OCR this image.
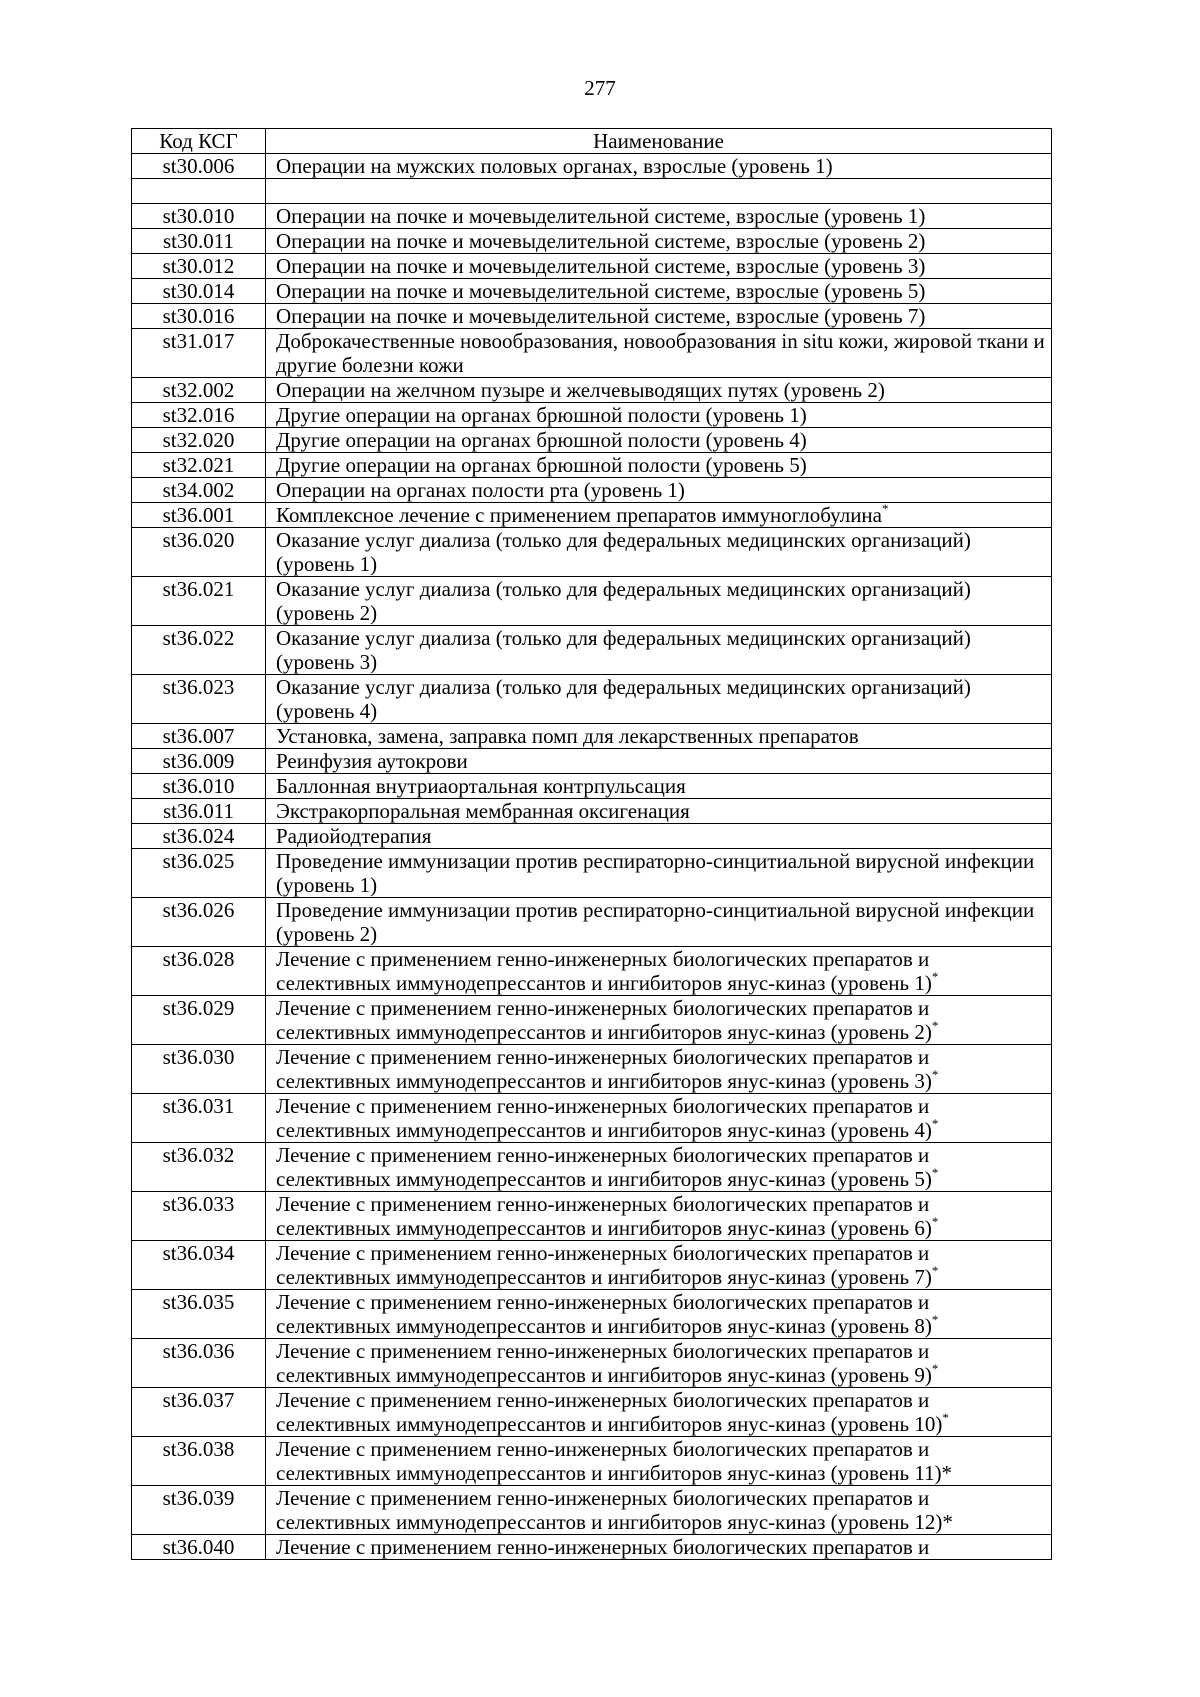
277
Код КСГ	Наименование
st30.006	Операции на мужских половых органах, взрослые (уровень 1)

st30.010	Операции на почке и мочевыделительной системе, взрослые (уровень 1)
st30.011	Операции на почке и мочевыделительной системе, взрослые (уровень 2)
st30.012	Операции на почке и мочевыделительной системе, взрослые (уровень 3)
st30.014	Операции на почке и мочевыделительной системе, взрослые (уровень 5)
st30.016	Операции на почке и мочевыделительной системе, взрослые (уровень 7)
st31.017	Доброкачественные новообразования, новообразования in situ кожи, жировой ткани и другие болезни кожи
st32.002	Операции на желчном пузыре и желчевыводящих путях (уровень 2)
st32.016	Другие операции на органах брюшной полости (уровень 1)
st32.020	Другие операции на органах брюшной полости (уровень 4)
st32.021	Другие операции на органах брюшной полости (уровень 5)
st34.002	Операции на органах полости рта (уровень 1)
st36.001	Комплексное лечение с применением препаратов иммуноглобулина*
st36.020	Оказание услуг диализа (только для федеральных медицинских организаций) (уровень 1)
st36.021	Оказание услуг диализа (только для федеральных медицинских организаций) (уровень 2)
st36.022	Оказание услуг диализа (только для федеральных медицинских организаций) (уровень 3)
st36.023	Оказание услуг диализа (только для федеральных медицинских организаций) (уровень 4)
st36.007	Установка, замена, заправка помп для лекарственных препаратов
st36.009	Реинфузия аутокрови
st36.010	Баллонная внутриаортальная контрпульсация
st36.011	Экстракорпоральная мембранная оксигенация
st36.024	Радиойодтерапия
st36.025	Проведение иммунизации против респираторно-синцитиальной вирусной инфекции (уровень 1)
st36.026	Проведение иммунизации против респираторно-синцитиальной вирусной инфекции (уровень 2)
st36.028	Лечение с применением генно-инженерных биологических препаратов и селективных иммунодепрессантов и ингибиторов янус-киназ (уровень 1)*
st36.029	Лечение с применением генно-инженерных биологических препаратов и селективных иммунодепрессантов и ингибиторов янус-киназ (уровень 2)*
st36.030	Лечение с применением генно-инженерных биологических препаратов и селективных иммунодепрессантов и ингибиторов янус-киназ (уровень 3)*
st36.031	Лечение с применением генно-инженерных биологических препаратов и селективных иммунодепрессантов и ингибиторов янус-киназ (уровень 4)*
st36.032	Лечение с применением генно-инженерных биологических препаратов и селективных иммунодепрессантов и ингибиторов янус-киназ (уровень 5)*
st36.033	Лечение с применением генно-инженерных биологических препаратов и селективных иммунодепрессантов и ингибиторов янус-киназ (уровень 6)*
st36.034	Лечение с применением генно-инженерных биологических препаратов и селективных иммунодепрессантов и ингибиторов янус-киназ (уровень 7)*
st36.035	Лечение с применением генно-инженерных биологических препаратов и селективных иммунодепрессантов и ингибиторов янус-киназ (уровень 8)*
st36.036	Лечение с применением генно-инженерных биологических препаратов и селективных иммунодепрессантов и ингибиторов янус-киназ (уровень 9)*
st36.037	Лечение с применением генно-инженерных биологических препаратов и селективных иммунодепрессантов и ингибиторов янус-киназ (уровень 10)*
st36.038	Лечение с применением генно-инженерных биологических препаратов и селективных иммунодепрессантов и ингибиторов янус-киназ (уровень 11)*
st36.039	Лечение с применением генно-инженерных биологических препаратов и селективных иммунодепрессантов и ингибиторов янус-киназ (уровень 12)*
st36.040	Лечение с применением генно-инженерных биологических препаратов и
